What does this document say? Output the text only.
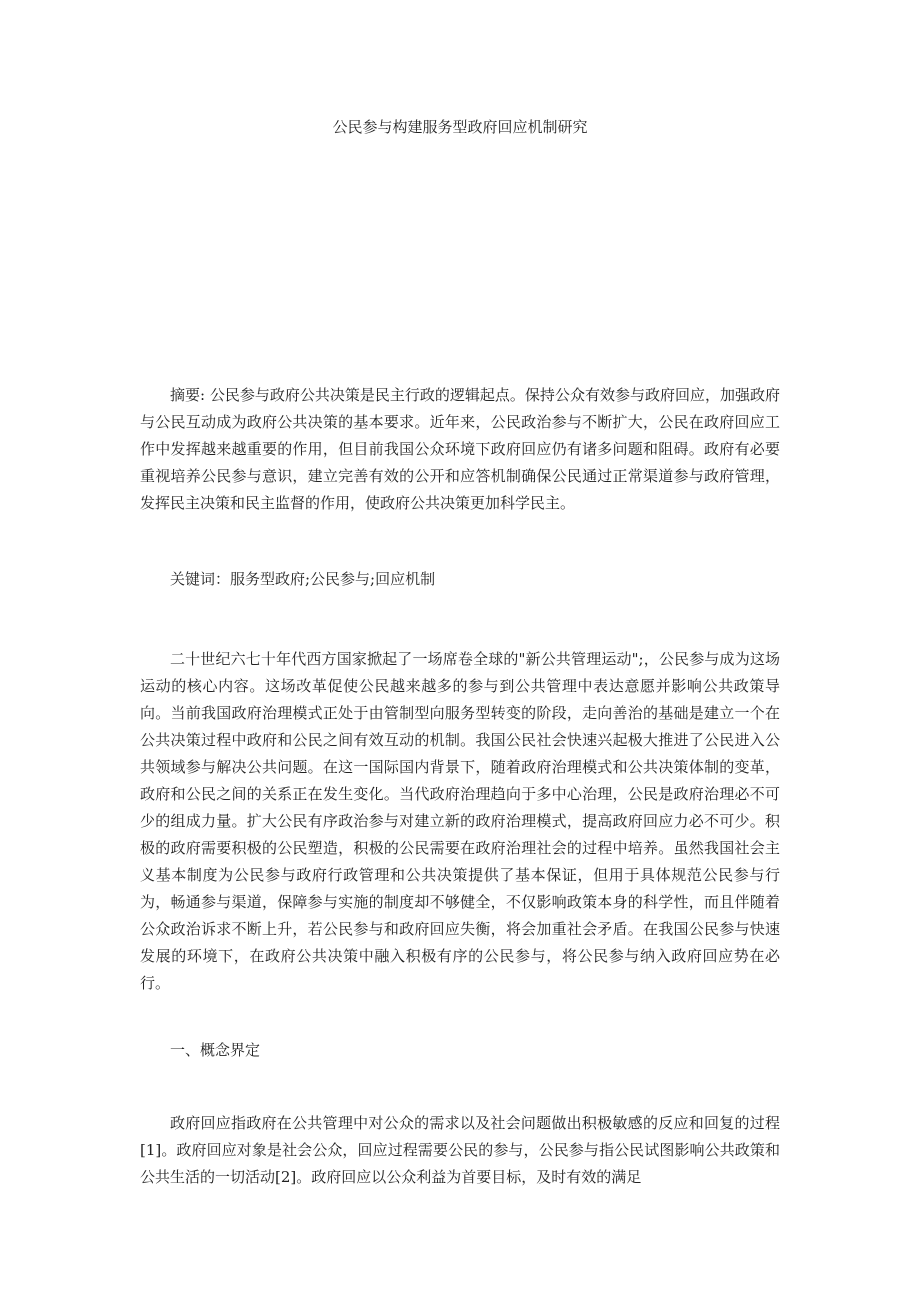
公民参与构建服务型政府回应机制研究

摘要: 公民参与政府公共决策是民主行政的逻辑起点。保持公众有效参与政府回应，加强政府与公民互动成为政府公共决策的基本要求。近年来，公民政治参与不断扩大，公民在政府回应工作中发挥越来越重要的作用，但目前我国公众环境下政府回应仍有诸多问题和阻碍。政府有必要重视培养公民参与意识，建立完善有效的公开和应答机制确保公民通过正常渠道参与政府管理，发挥民主决策和民主监督的作用，使政府公共决策更加科学民主。

关键词：服务型政府;公民参与;回应机制

二十世纪六七十年代西方国家掀起了一场席卷全球的"新公共管理运动";，公民参与成为这场运动的核心内容。这场改革促使公民越来越多的参与到公共管理中表达意愿并影响公共政策导向。当前我国政府治理模式正处于由管制型向服务型转变的阶段，走向善治的基础是建立一个在公共决策过程中政府和公民之间有效互动的机制。我国公民社会快速兴起极大推进了公民进入公共领域参与解决公共问题。在这一国际国内背景下，随着政府治理模式和公共决策体制的变革，政府和公民之间的关系正在发生变化。当代政府治理趋向于多中心治理，公民是政府治理必不可少的组成力量。扩大公民有序政治参与对建立新的政府治理模式，提高政府回应力必不可少。积极的政府需要积极的公民塑造，积极的公民需要在政府治理社会的过程中培养。虽然我国社会主义基本制度为公民参与政府行政管理和公共决策提供了基本保证，但用于具体规范公民参与行为，畅通参与渠道，保障参与实施的制度却不够健全，不仅影响政策本身的科学性，而且伴随着公众政治诉求不断上升，若公民参与和政府回应失衡，将会加重社会矛盾。在我国公民参与快速发展的环境下，在政府公共决策中融入积极有序的公民参与，将公民参与纳入政府回应势在必行。

一、概念界定

政府回应指政府在公共管理中对公众的需求以及社会问题做出积极敏感的反应和回复的过程[1]。政府回应对象是社会公众，回应过程需要公民的参与，公民参与指公民试图影响公共政策和公共生活的一切活动[2]。政府回应以公众利益为首要目标，及时有效的满足
